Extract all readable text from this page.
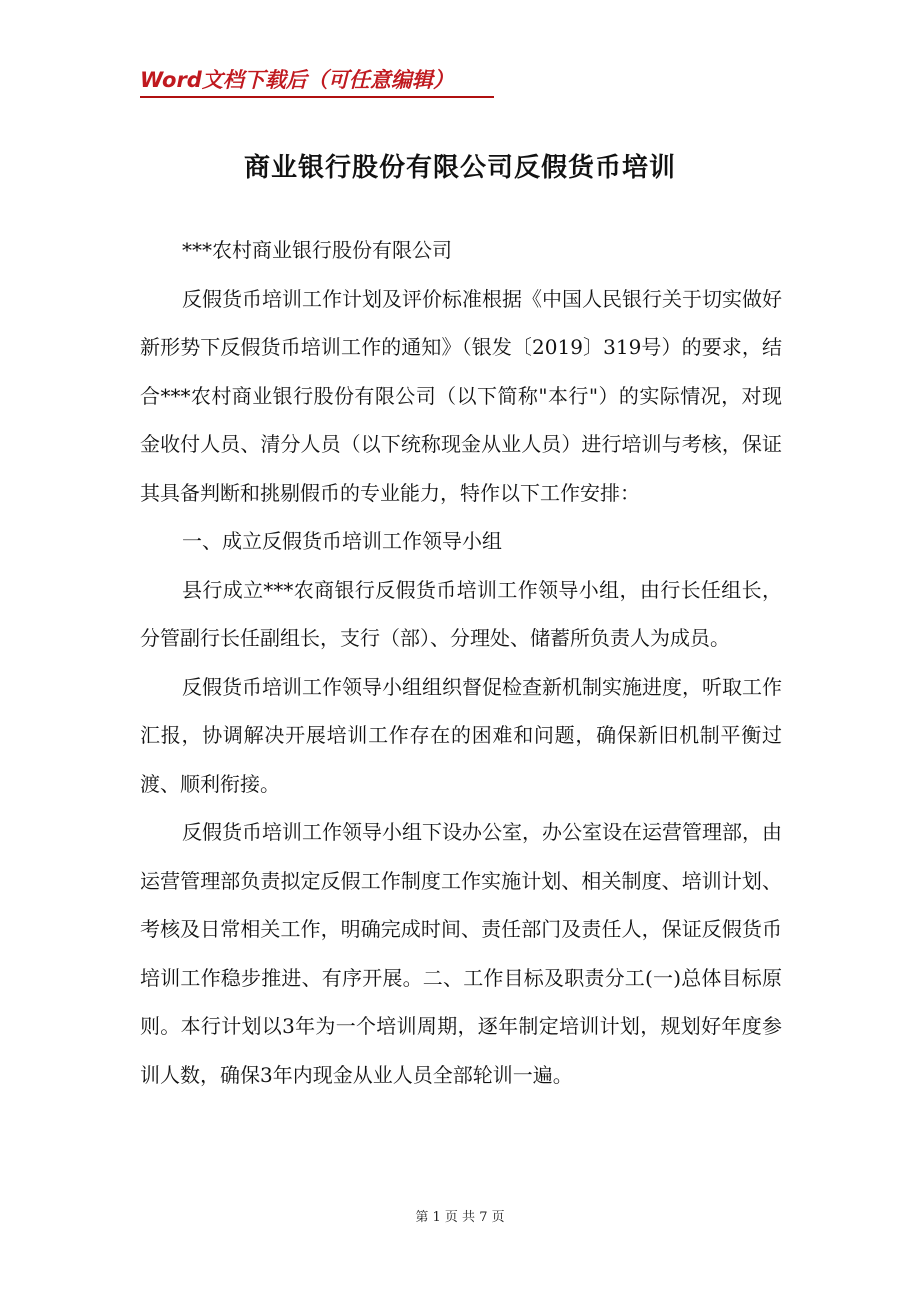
Word文档下载后（可任意编辑）
商业银行股份有限公司反假货币培训

***农村商业银行股份有限公司

反假货币培训工作计划及评价标准根据《中国人民银行关于切实做好新形势下反假货币培训工作的通知》（银发〔2019〕319号）的要求，结合***农村商业银行股份有限公司（以下简称"本行"）的实际情况，对现金收付人员、清分人员（以下统称现金从业人员）进行培训与考核，保证其具备判断和挑剔假币的专业能力，特作以下工作安排：

一、成立反假货币培训工作领导小组

县行成立***农商银行反假货币培训工作领导小组，由行长任组长，分管副行长任副组长，支行（部）、分理处、储蓄所负责人为成员。

反假货币培训工作领导小组组织督促检查新机制实施进度，听取工作汇报，协调解决开展培训工作存在的困难和问题，确保新旧机制平衡过渡、顺利衔接。

反假货币培训工作领导小组下设办公室，办公室设在运营管理部，由运营管理部负责拟定反假工作制度工作实施计划、相关制度、培训计划、考核及日常相关工作，明确完成时间、责任部门及责任人，保证反假货币培训工作稳步推进、有序开展。二、工作目标及职责分工(一)总体目标原则。本行计划以3年为一个培训周期，逐年制定培训计划，规划好年度参训人数，确保3年内现金从业人员全部轮训一遍。

第 1 页 共 7 页
